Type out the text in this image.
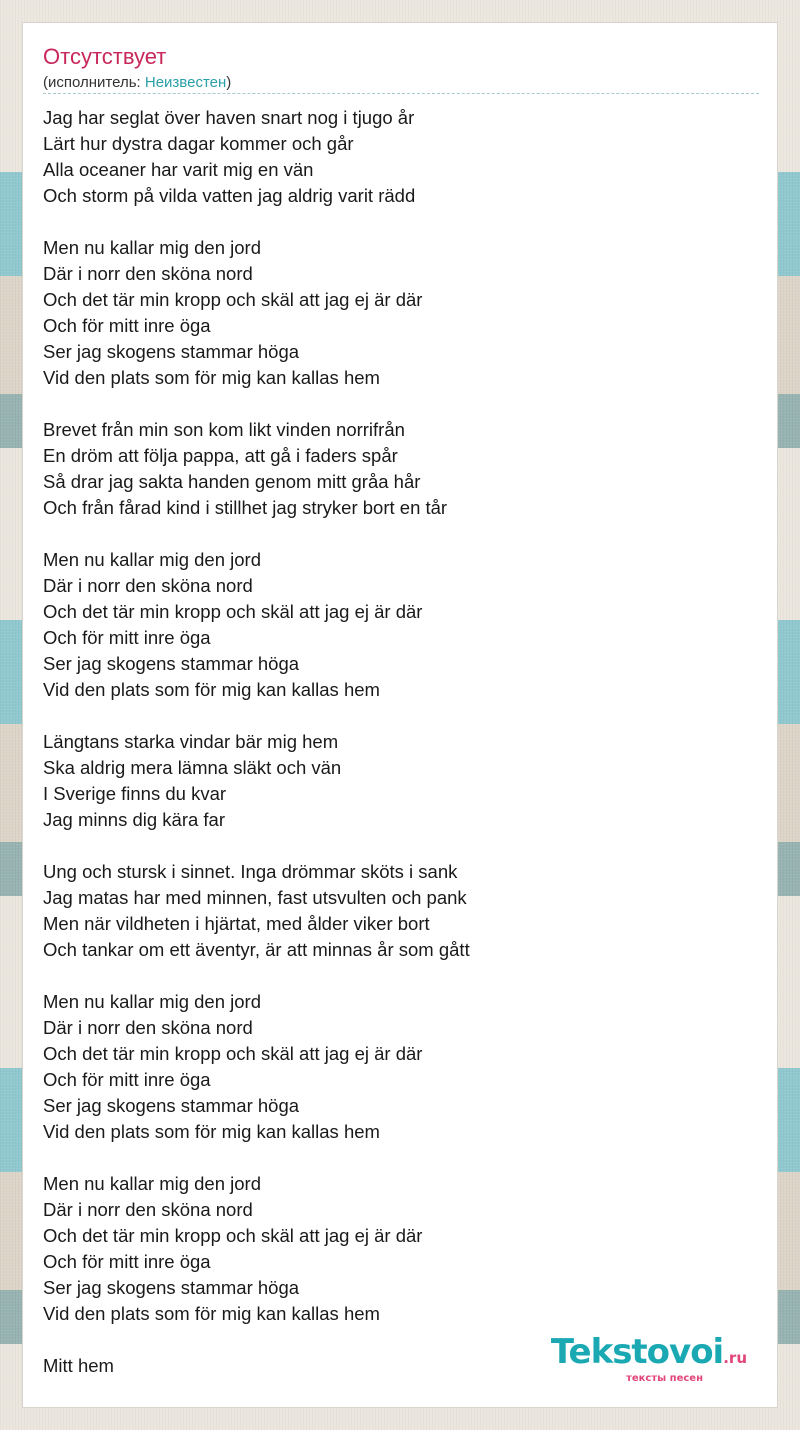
Отсутствует
(исполнитель: Неизвестен)
Jag har seglat över haven snart nog i tjugo år
Lärt hur dystra dagar kommer och går
Alla oceaner har varit mig en vän
Och storm på vilda vatten jag aldrig varit rädd
Men nu kallar mig den jord
Där i norr den sköna nord
Och det tär min kropp och skäl att jag ej är där
Och för mitt inre öga
Ser jag skogens stammar höga
Vid den plats som för mig kan kallas hem
Brevet från min son kom likt vinden norrifrån
En dröm att följa pappa, att gå i faders spår
Så drar jag sakta handen genom mitt gråa hår
Och från fårad kind i stillhet jag stryker bort en tår
Men nu kallar mig den jord
Där i norr den sköna nord
Och det tär min kropp och skäl att jag ej är där
Och för mitt inre öga
Ser jag skogens stammar höga
Vid den plats som för mig kan kallas hem
Längtans starka vindar bär mig hem
Ska aldrig mera lämna släkt och vän
I Sverige finns du kvar
Jag minns dig kära far
Ung och stursk i sinnet. Inga drömmar sköts i sank
Jag matas har med minnen, fast utsvulten och pank
Men när vildheten i hjärtat, med ålder viker bort
Och tankar om ett äventyr, är att minnas år som gått
Men nu kallar mig den jord
Där i norr den sköna nord
Och det tär min kropp och skäl att jag ej är där
Och för mitt inre öga
Ser jag skogens stammar höga
Vid den plats som för mig kan kallas hem
Men nu kallar mig den jord
Där i norr den sköna nord
Och det tär min kropp och skäl att jag ej är där
Och för mitt inre öga
Ser jag skogens stammar höga
Vid den plats som för mig kan kallas hem
Mitt hem	Tekstovoi.ru
тексты песен
